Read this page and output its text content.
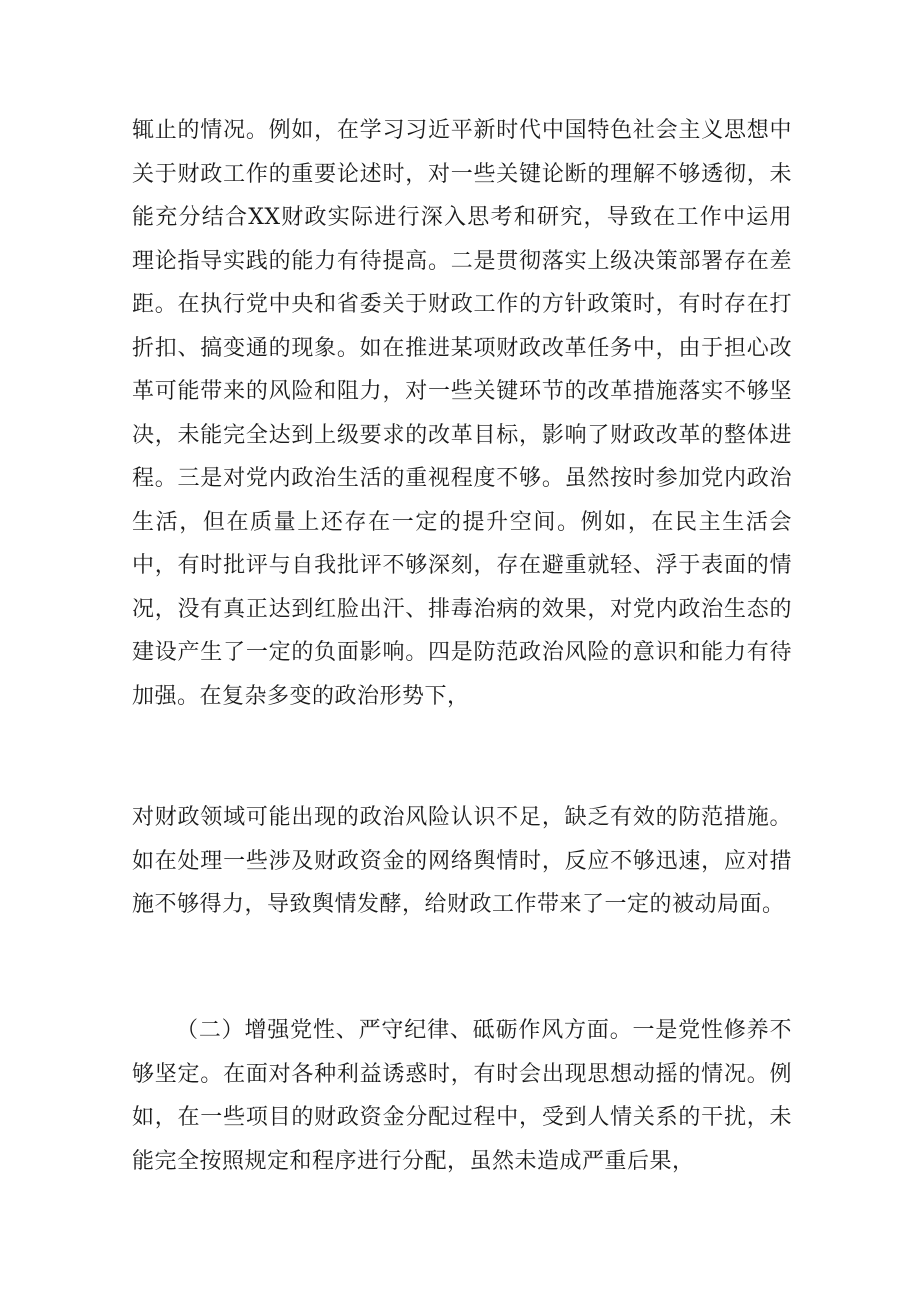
辄止的情况。例如，在学习习近平新时代中国特色社会主义思想中关于财政工作的重要论述时，对一些关键论断的理解不够透彻，未能充分结合XX财政实际进行深入思考和研究，导致在工作中运用理论指导实践的能力有待提高。二是贯彻落实上级决策部署存在差距。在执行党中央和省委关于财政工作的方针政策时，有时存在打折扣、搞变通的现象。如在推进某项财政改革任务中，由于担心改革可能带来的风险和阻力，对一些关键环节的改革措施落实不够坚决，未能完全达到上级要求的改革目标，影响了财政改革的整体进程。三是对党内政治生活的重视程度不够。虽然按时参加党内政治生活，但在质量上还存在一定的提升空间。例如，在民主生活会中，有时批评与自我批评不够深刻，存在避重就轻、浮于表面的情况，没有真正达到红脸出汗、排毒治病的效果，对党内政治生态的建设产生了一定的负面影响。四是防范政治风险的意识和能力有待加强。在复杂多变的政治形势下，

对财政领域可能出现的政治风险认识不足，缺乏有效的防范措施。如在处理一些涉及财政资金的网络舆情时，反应不够迅速，应对措施不够得力，导致舆情发酵，给财政工作带来了一定的被动局面。

（二）增强党性、严守纪律、砥砺作风方面。一是党性修养不够坚定。在面对各种利益诱惑时，有时会出现思想动摇的情况。例如，在一些项目的财政资金分配过程中，受到人情关系的干扰，未能完全按照规定和程序进行分配，虽然未造成严重后果，
